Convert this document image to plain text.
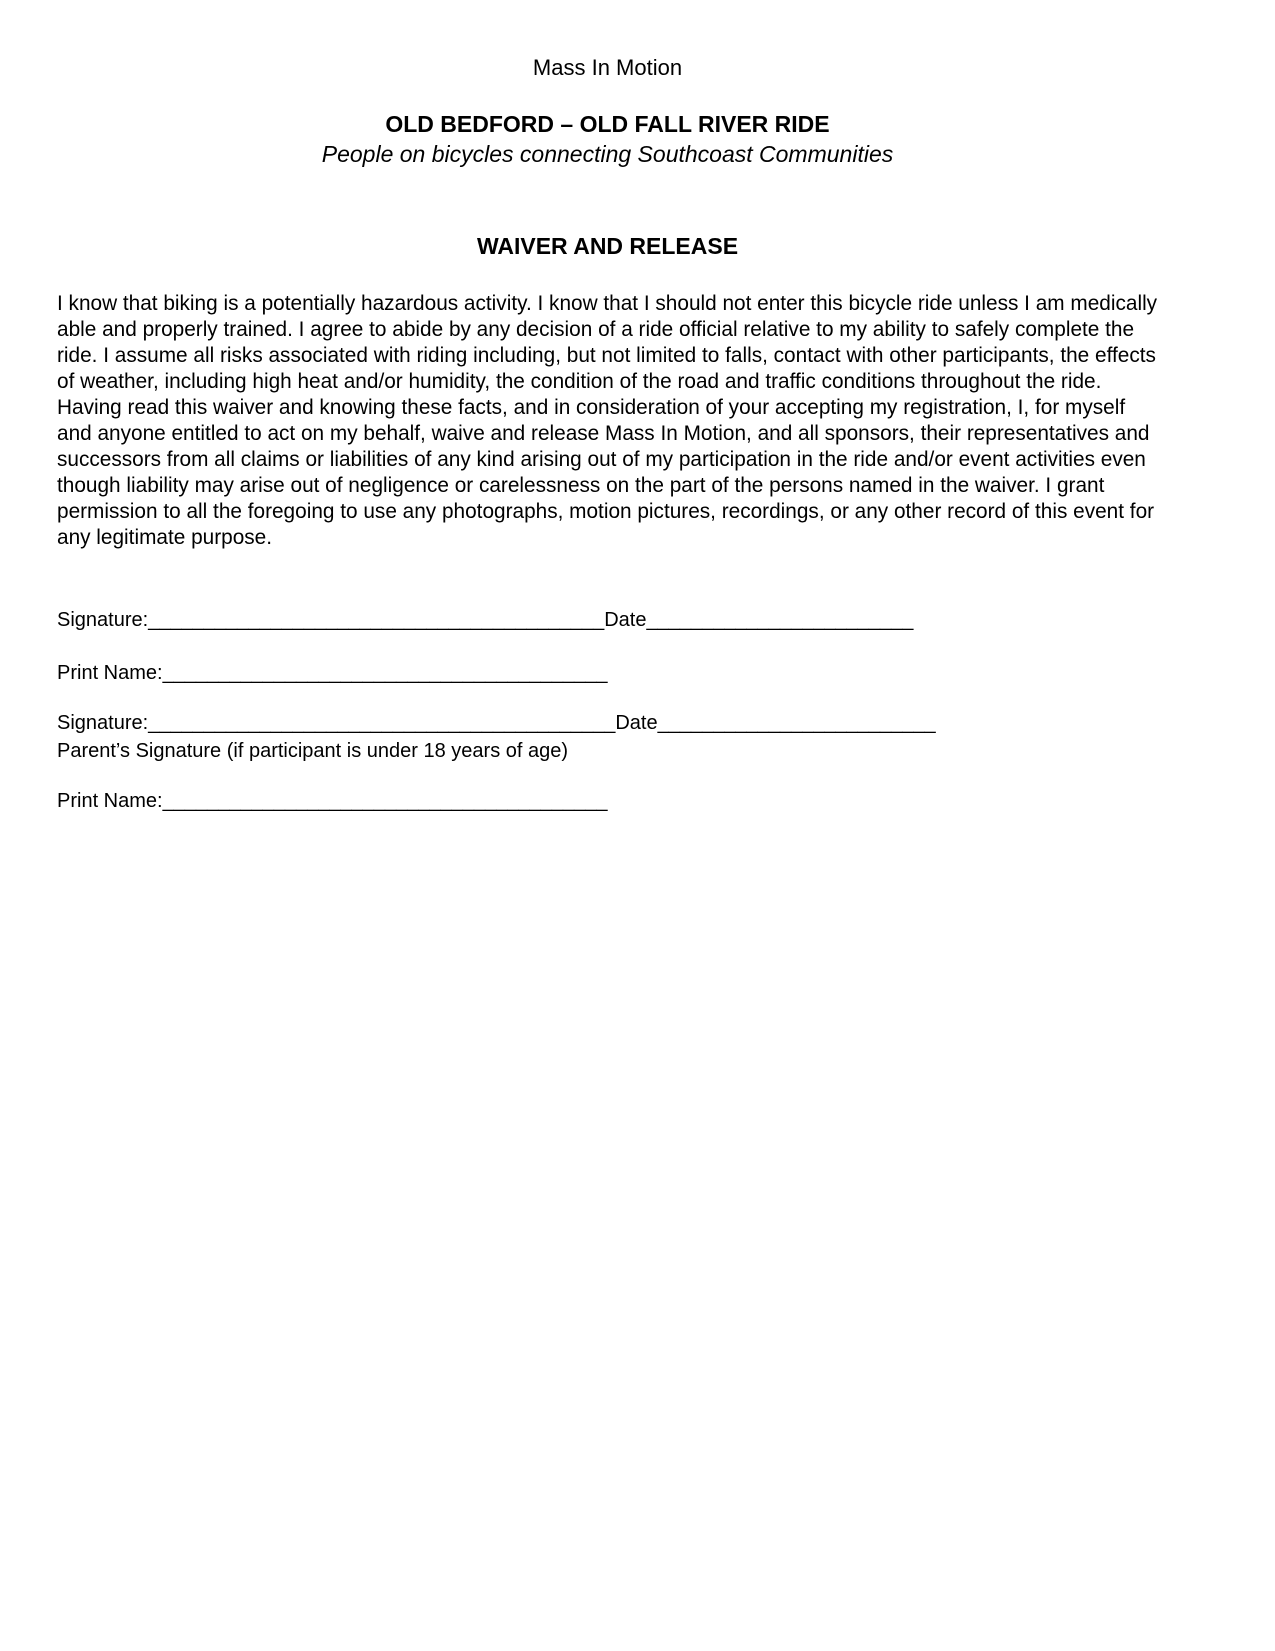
Mass In Motion
OLD BEDFORD – OLD FALL RIVER RIDE
People on bicycles connecting Southcoast Communities
WAIVER AND RELEASE

I know that biking is a potentially hazardous activity. I know that I should not enter this bicycle ride unless I am medically able and properly trained. I agree to abide by any decision of a ride official relative to my ability to safely complete the ride. I assume all risks associated with riding including, but not limited to falls, contact with other participants, the effects of weather, including high heat and/or humidity, the condition of the road and traffic conditions throughout the ride. Having read this waiver and knowing these facts, and in consideration of your accepting my registration, I, for myself and anyone entitled to act on my behalf, waive and release Mass In Motion, and all sponsors, their representatives and successors from all claims or liabilities of any kind arising out of my participation in the ride and/or event activities even though liability may arise out of negligence or carelessness on the part of the persons named in the waiver. I grant permission to all the foregoing to use any photographs, motion pictures, recordings, or any other record of this event for any legitimate purpose.

Signature:_________________________________________Date________________________
Print Name:________________________________________
Signature:__________________________________________Date_________________________
Parent’s Signature (if participant is under 18 years of age)
Print Name:________________________________________
